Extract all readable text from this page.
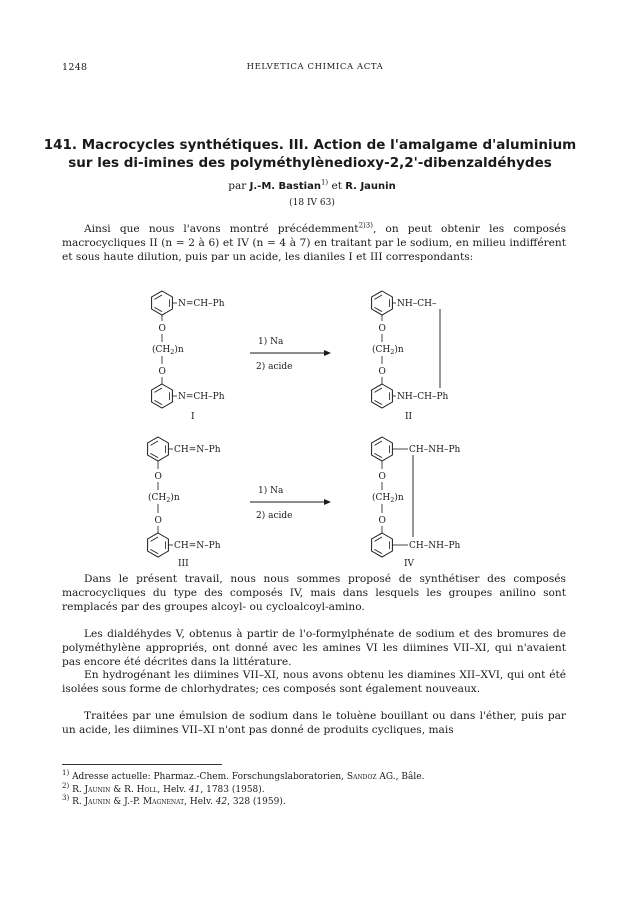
1248	HELVETICA CHIMICA ACTA
141. Macrocycles synthétiques. III. Action de l'amalgame d'aluminium
sur les di-imines des polyméthylènedioxy-2,2'-dibenzaldéhydes
par J.-M. Bastian$^{1)}$ et R. Jaunin
(18 IV 63)

Ainsi que nous l'avons montré précédemment$^{2)3)}$, on peut obtenir les composés macrocycliques II (n = 2 à 6) et IV (n = 4 à 7) en traitant par le sodium, en milieu indifférent et sous haute dilution, puis par un acide, les dianiles I et III correspondants:

N=CH–Ph
O
$(CH_2)n$
O
N=CH–Ph
I
1) Na
2) acide
NH–CH–
O
$(CH_2)n$
O
NH–CH–Ph
II
CH=N–Ph
O
$(CH_2)n$
O
CH=N–Ph
III
1) Na
2) acide
CH–NH–Ph
O
$(CH_2)n$
O
CH–NH–Ph
IV

Dans le présent travail, nous nous sommes proposé de synthétiser des composés macrocycliques du type des composés IV, mais dans lesquels les groupes anilino sont remplacés par des groupes alcoyl- ou cycloalcoyl-amino.

Les dialdéhydes V, obtenus à partir de l'o-formylphénate de sodium et des bromures de polyméthylène appropriés, ont donné avec les amines VI les diimines VII–XI, qui n'avaient pas encore été décrites dans la littérature.

En hydrogénant les diimines VII–XI, nous avons obtenu les diamines XII–XVI, qui ont été isolées sous forme de chlorhydrates; ces composés sont également nouveaux.

Traitées par une émulsion de sodium dans le toluène bouillant ou dans l'éther, puis par un acide, les diimines VII–XI n'ont pas donné de produits cycliques, mais

$^{1)}$ Adresse actuelle: Pharmaz.-Chem. Forschungslaboratorien, Sandoz AG., Bâle.
$^{2)}$ R. Jaunin & R. Holl, Helv. 41, 1783 (1958).
$^{3)}$ R. Jaunin & J.-P. Magnenat, Helv. 42, 328 (1959).
